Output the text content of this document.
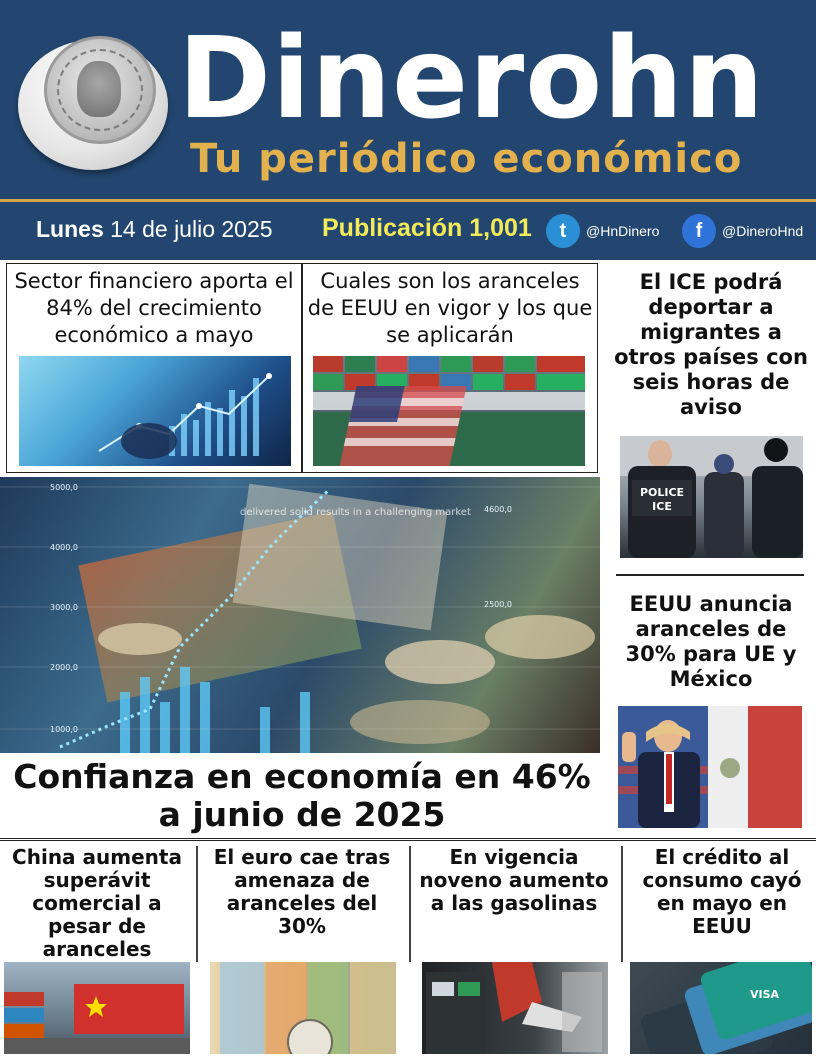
Dinerohn
Tu periódico económico
Lunes 14 de julio 2025 Publicación 1,001	t	@HnDinero	f	@DineroHnd
Sector financiero aporta el 84% del crecimiento económico a mayo
Cuales son los aranceles de EEUU en vigor y los que se aplicarán
El ICE podrá deportar a migrantes a otros países con seis horas de aviso
POLICE
ICE
EEUU anuncia aranceles de 30% para UE y México
5000,0
4000,0
3000,0
2000,0
1000,0
4600,0
2500,0
delivered solid results in a challenging market
Confianza en economía en 46% a junio de 2025
China aumenta superávit comercial a pesar de aranceles
El euro cae tras amenaza de aranceles del 30%
En vigencia noveno aumento a las gasolinas
El crédito al consumo cayó en mayo en EEUU
VISA
